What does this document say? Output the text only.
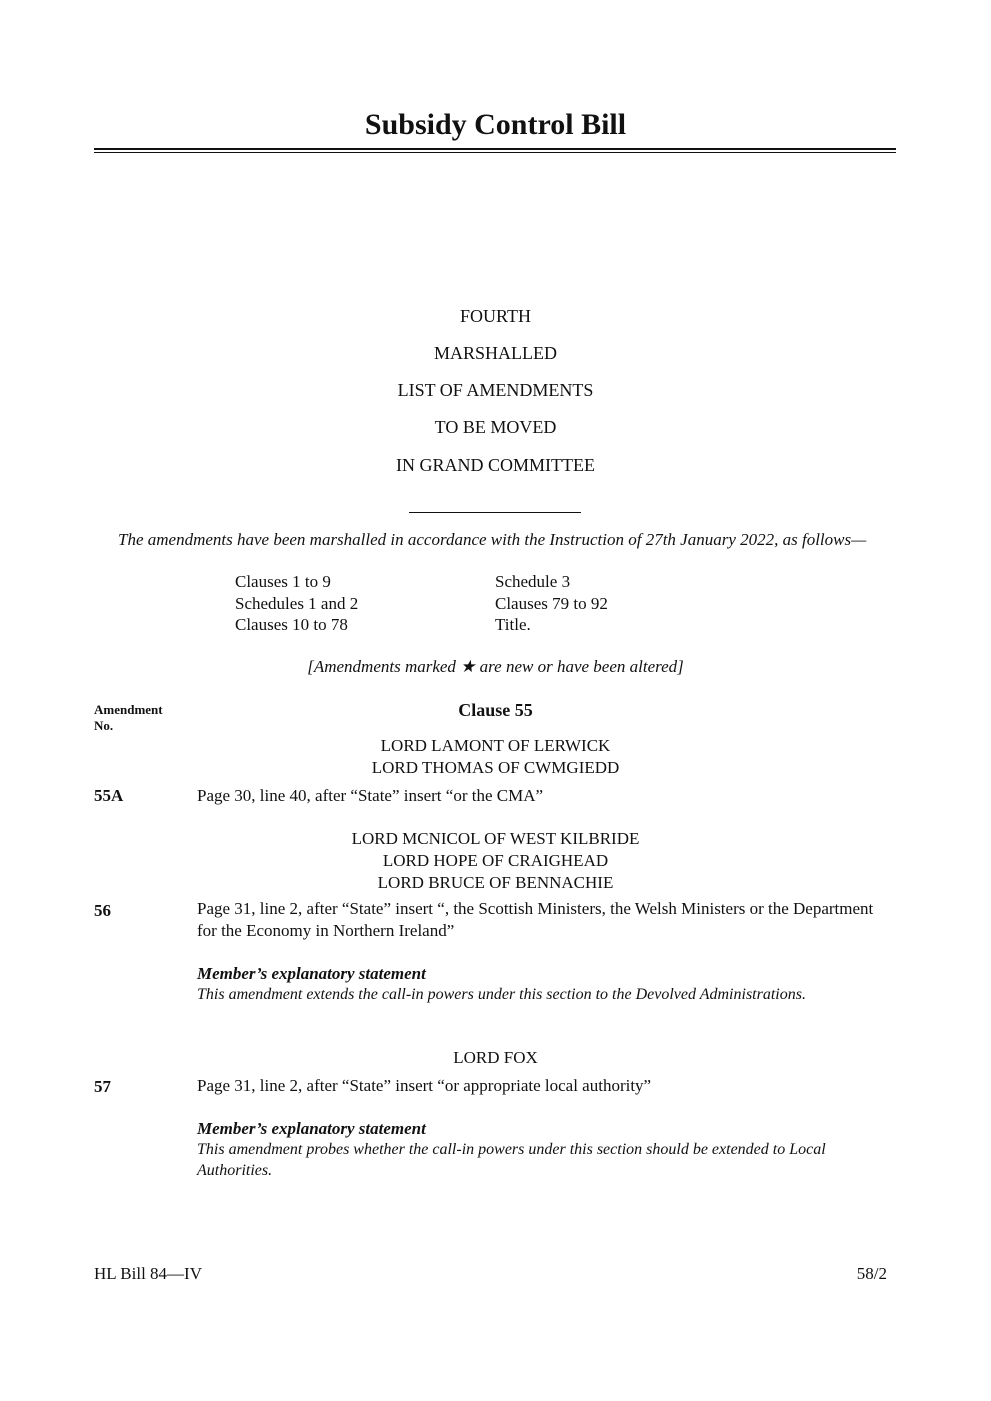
Subsidy Control Bill
FOURTH
MARSHALLED
LIST OF AMENDMENTS
TO BE MOVED
IN GRAND COMMITTEE
The amendments have been marshalled in accordance with the Instruction of 27th January 2022, as follows—
Clauses 1 to 9
Schedules 1 and 2
Clauses 10 to 78
Schedule 3
Clauses 79 to 92
Title.
[Amendments marked ★ are new or have been altered]
Amendment No.
Clause 55
LORD LAMONT OF LERWICK
LORD THOMAS OF CWMGIEDD
55A	Page 30, line 40, after “State” insert “or the CMA”
LORD MCNICOL OF WEST KILBRIDE
LORD HOPE OF CRAIGHEAD
LORD BRUCE OF BENNACHIE
56	Page 31, line 2, after “State” insert “, the Scottish Ministers, the Welsh Ministers or the Department for the Economy in Northern Ireland”
Member’s explanatory statement
This amendment extends the call-in powers under this section to the Devolved Administrations.
LORD FOX
57	Page 31, line 2, after “State” insert “or appropriate local authority”
Member’s explanatory statement
This amendment probes whether the call-in powers under this section should be extended to Local Authorities.
HL Bill 84—IV	58/2
